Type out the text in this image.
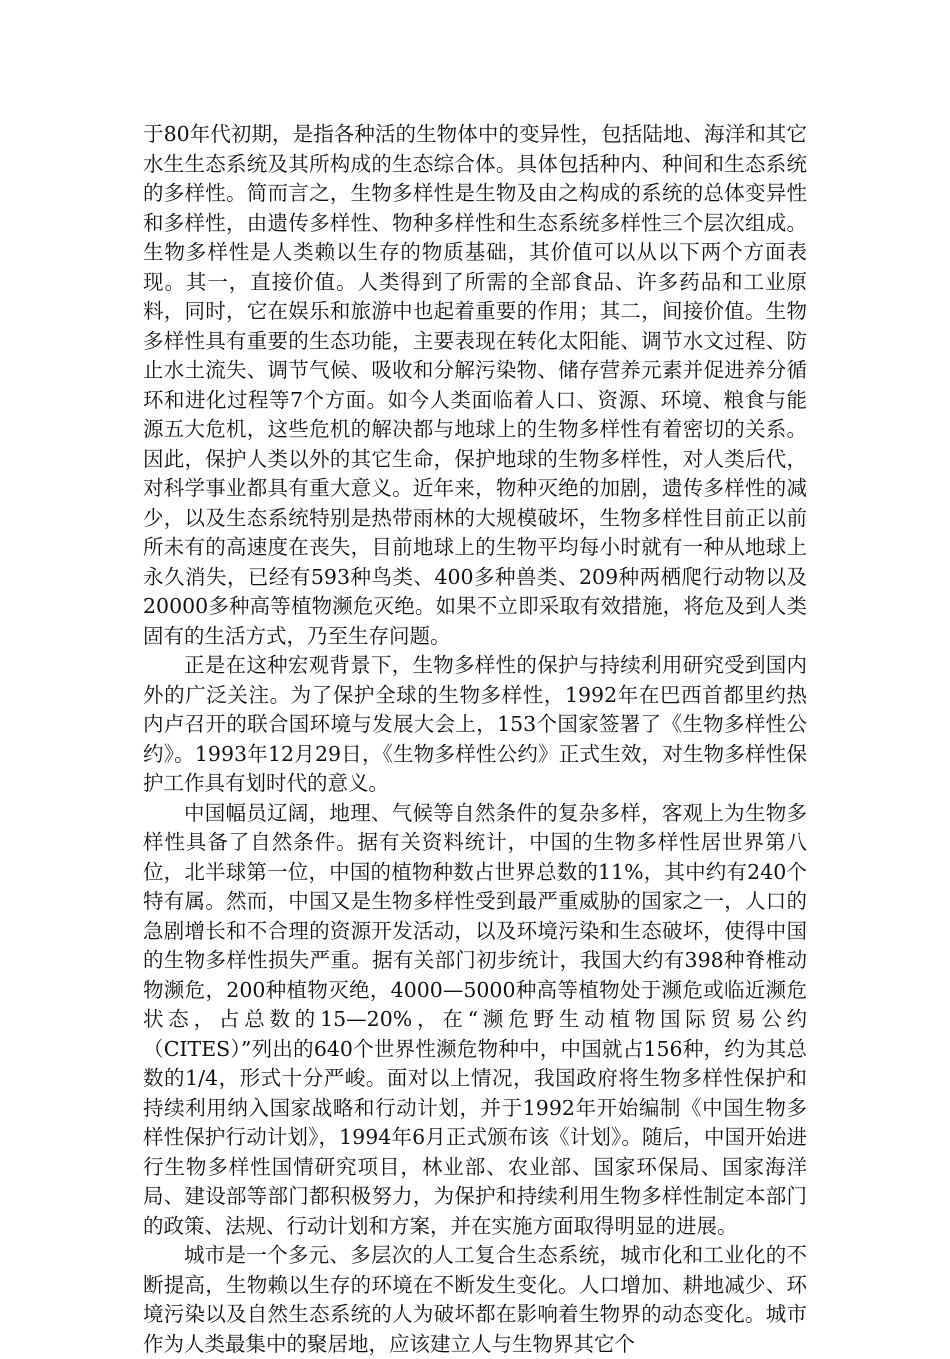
于80年代初期，是指各种活的生物体中的变异性，包括陆地、海洋和其它水生生态系统及其所构成的生态综合体。具体包括种内、种间和生态系统的多样性。简而言之，生物多样性是生物及由之构成的系统的总体变异性和多样性，由遗传多样性、物种多样性和生态系统多样性三个层次组成。生物多样性是人类赖以生存的物质基础，其价值可以从以下两个方面表现。其一，直接价值。人类得到了所需的全部食品、许多药品和工业原料，同时，它在娱乐和旅游中也起着重要的作用；其二，间接价值。生物多样性具有重要的生态功能，主要表现在转化太阳能、调节水文过程、防止水土流失、调节气候、吸收和分解污染物、储存营养元素并促进养分循环和进化过程等7个方面。如今人类面临着人口、资源、环境、粮食与能源五大危机，这些危机的解决都与地球上的生物多样性有着密切的关系。因此，保护人类以外的其它生命，保护地球的生物多样性，对人类后代，对科学事业都具有重大意义。近年来，物种灭绝的加剧，遗传多样性的减少，以及生态系统特别是热带雨林的大规模破坏，生物多样性目前正以前所未有的高速度在丧失，目前地球上的生物平均每小时就有一种从地球上永久消失，已经有593种鸟类、400多种兽类、209种两栖爬行动物以及20000多种高等植物濒危灭绝。如果不立即采取有效措施，将危及到人类固有的生活方式，乃至生存问题。

正是在这种宏观背景下，生物多样性的保护与持续利用研究受到国内外的广泛关注。为了保护全球的生物多样性，1992年在巴西首都里约热内卢召开的联合国环境与发展大会上，153个国家签署了《生物多样性公约》。1993年12月29日，《生物多样性公约》正式生效，对生物多样性保护工作具有划时代的意义。

中国幅员辽阔，地理、气候等自然条件的复杂多样，客观上为生物多样性具备了自然条件。据有关资料统计，中国的生物多样性居世界第八位，北半球第一位，中国的植物种数占世界总数的11%，其中约有240个特有属。然而，中国又是生物多样性受到最严重威胁的国家之一，人口的急剧增长和不合理的资源开发活动，以及环境污染和生态破坏，使得中国的生物多样性损失严重。据有关部门初步统计，我国大约有398种脊椎动物濒危，200种植物灭绝，4000—5000种高等植物处于濒危或临近濒危状态，占总数的15—20%，在“濒危野生动植物国际贸易公约（CITES）”列出的640个世界性濒危物种中，中国就占156种，约为其总数的1/4，形式十分严峻。面对以上情况，我国政府将生物多样性保护和持续利用纳入国家战略和行动计划，并于1992年开始编制《中国生物多样性保护行动计划》，1994年6月正式颁布该《计划》。随后，中国开始进行生物多样性国情研究项目，林业部、农业部、国家环保局、国家海洋局、建设部等部门都积极努力，为保护和持续利用生物多样性制定本部门的政策、法规、行动计划和方案，并在实施方面取得明显的进展。

城市是一个多元、多层次的人工复合生态系统，城市化和工业化的不断提高，生物赖以生存的环境在不断发生变化。人口增加、耕地减少、环境污染以及自然生态系统的人为破坏都在影响着生物界的动态变化。城市作为人类最集中的聚居地，应该建立人与生物界其它个
